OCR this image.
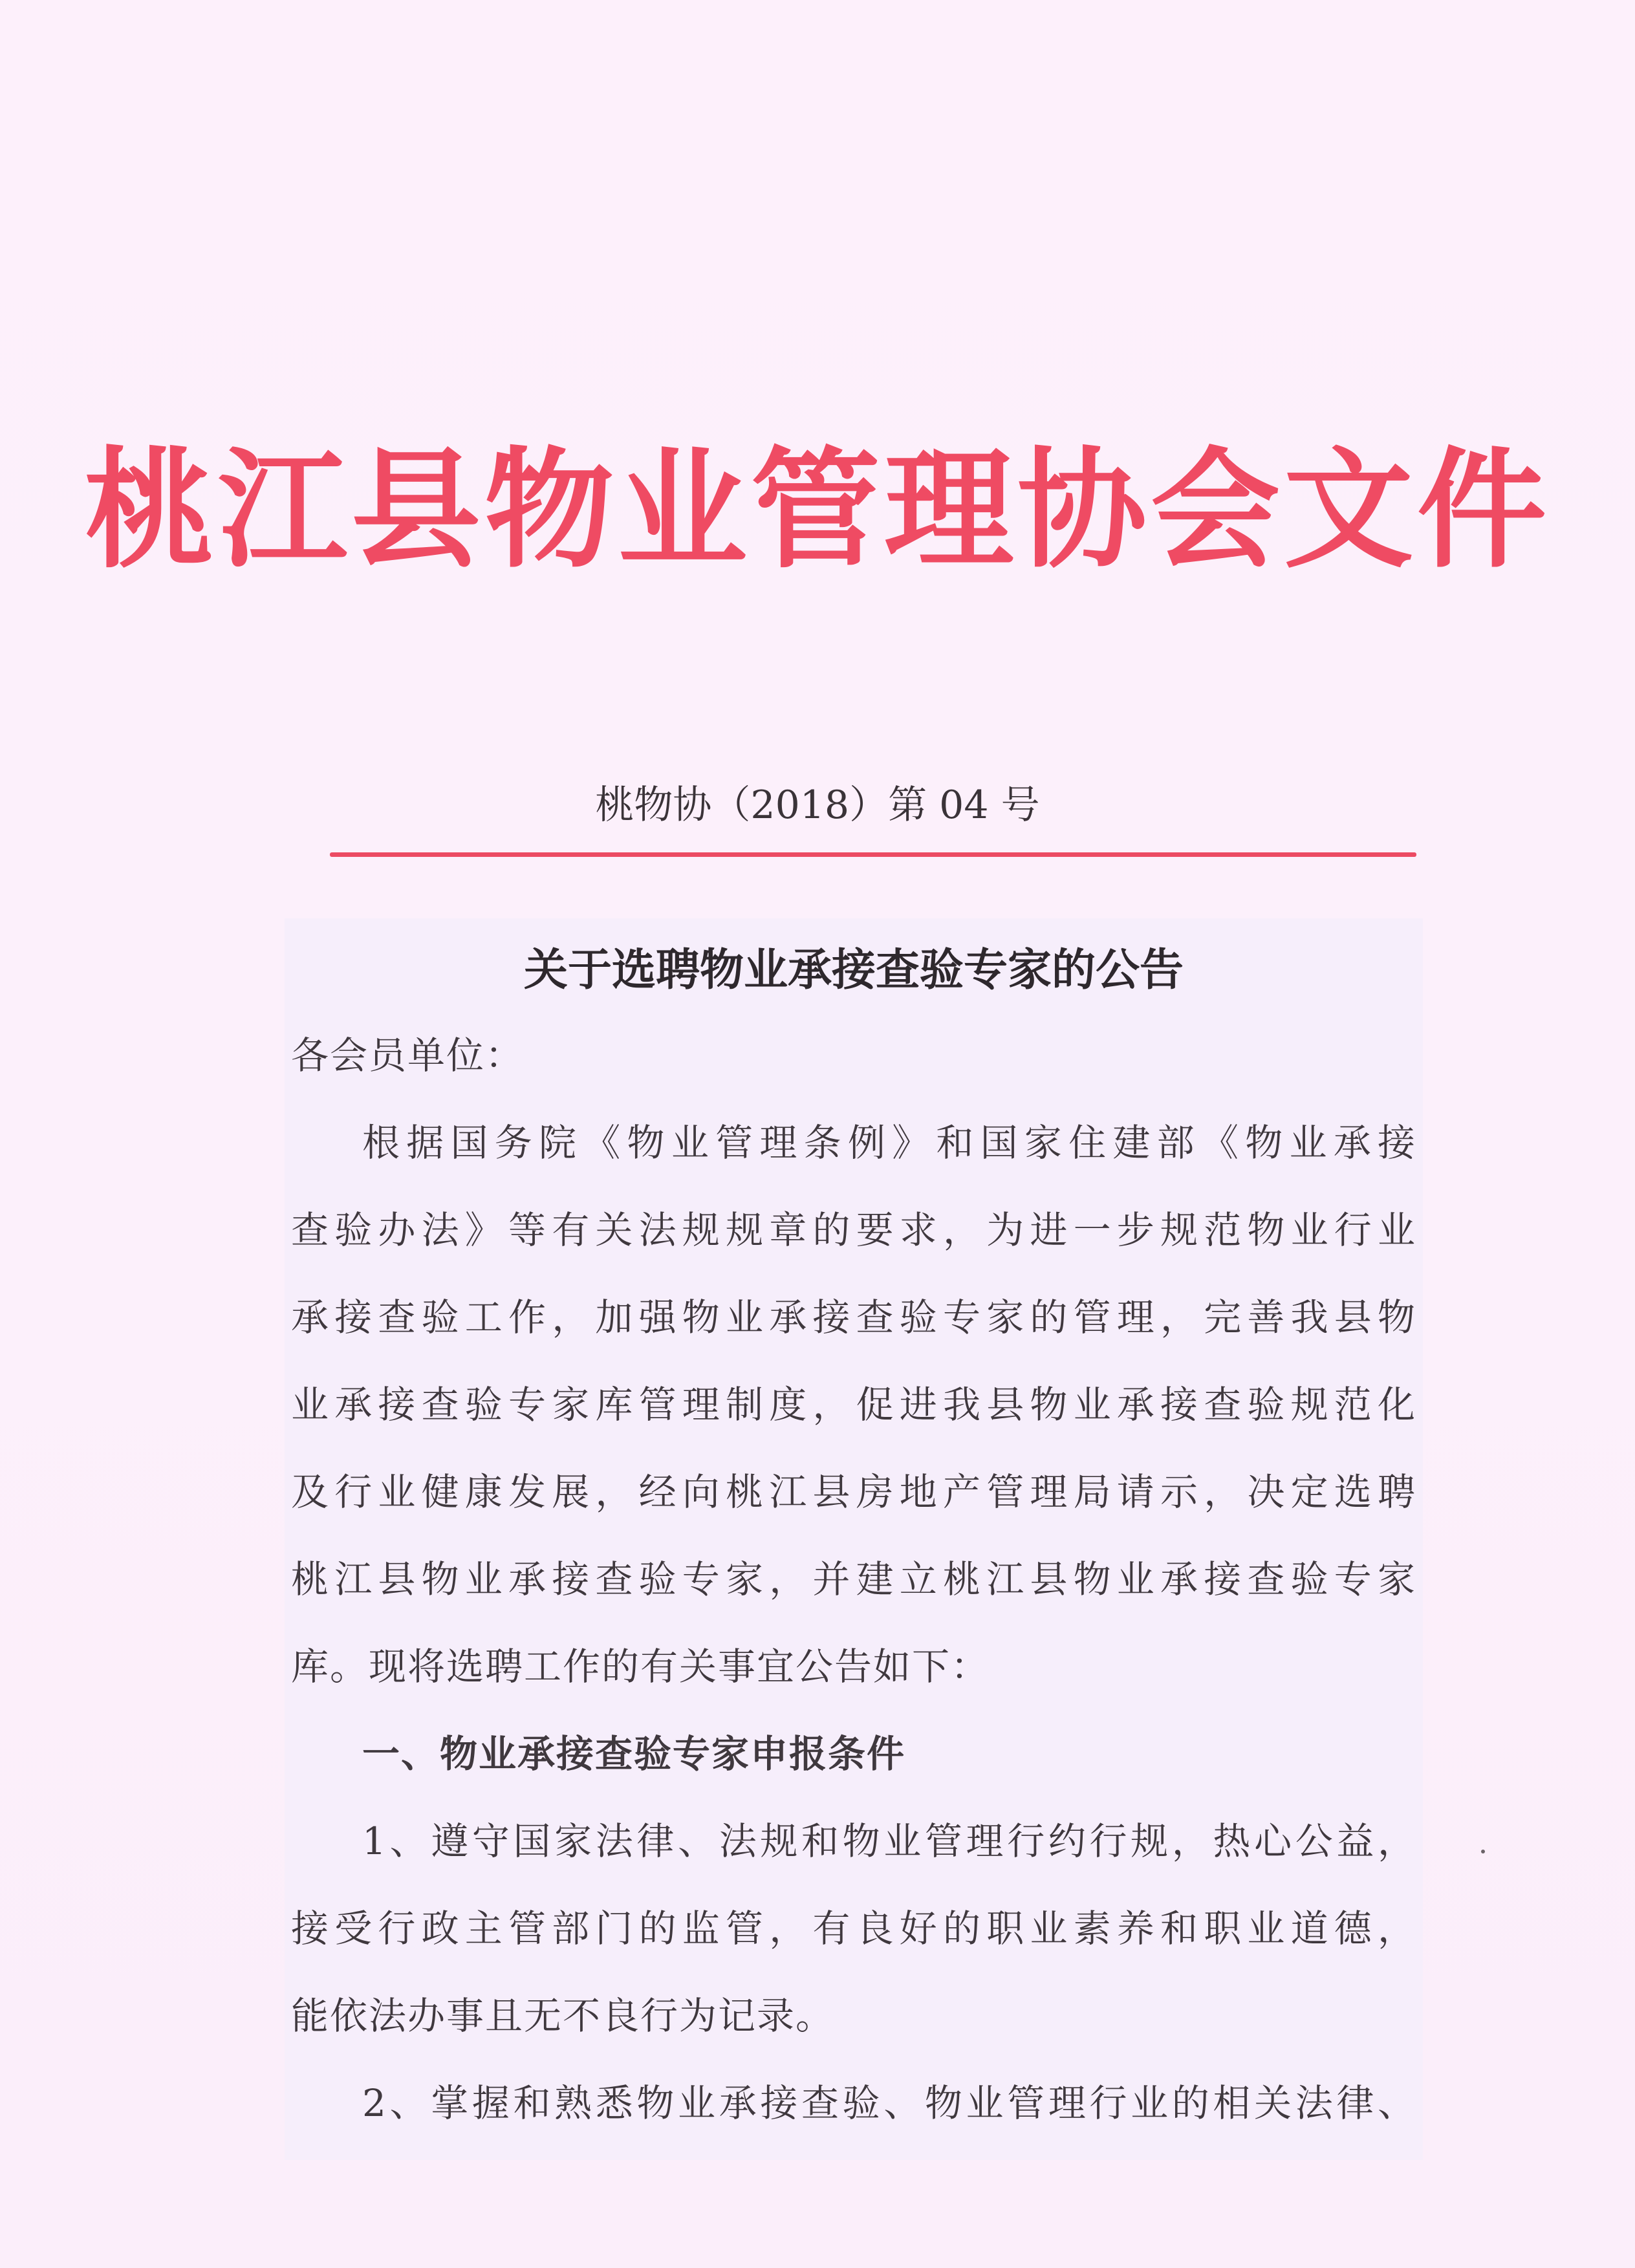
桃江县物业管理协会文件
桃物协（2018）第 04 号
关于选聘物业承接查验专家的公告
各会员单位：
根据国务院《物业管理条例》和国家住建部《物业承接
查验办法》等有关法规规章的要求，为进一步规范物业行业
承接查验工作，加强物业承接查验专家的管理，完善我县物
业承接查验专家库管理制度，促进我县物业承接查验规范化
及行业健康发展，经向桃江县房地产管理局请示，决定选聘
桃江县物业承接查验专家，并建立桃江县物业承接查验专家
库。现将选聘工作的有关事宜公告如下：
一、物业承接查验专家申报条件
1、遵守国家法律、法规和物业管理行约行规，热心公益，
接受行政主管部门的监管，有良好的职业素养和职业道德，
能依法办事且无不良行为记录。
2、掌握和熟悉物业承接查验、物业管理行业的相关法律、
